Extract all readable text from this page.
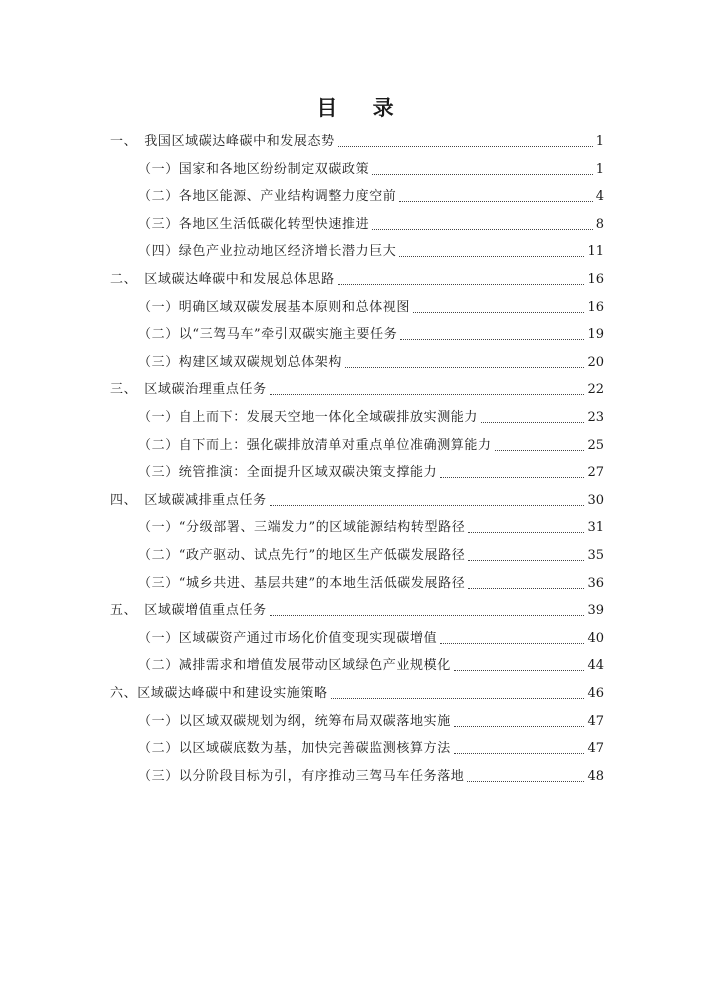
目 录
一、　我国区域碳达峰碳中和发展态势	1
（一）国家和各地区纷纷制定双碳政策	1
（二）各地区能源、产业结构调整力度空前	4
（三）各地区生活低碳化转型快速推进	8
（四）绿色产业拉动地区经济增长潜力巨大	11
二、　区域碳达峰碳中和发展总体思路	16
（一）明确区域双碳发展基本原则和总体视图	16
（二）以“三驾马车”牵引双碳实施主要任务	19
（三）构建区域双碳规划总体架构	20
三、　区域碳治理重点任务	22
（一）自上而下：发展天空地一体化全域碳排放实测能力	23
（二）自下而上：强化碳排放清单对重点单位准确测算能力	25
（三）统管推演：全面提升区域双碳决策支撑能力	27
四、　区域碳减排重点任务	30
（一）“分级部署、三端发力”的区域能源结构转型路径	31
（二）“政产驱动、试点先行”的地区生产低碳发展路径	35
（三）“城乡共进、基层共建”的本地生活低碳发展路径	36
五、　区域碳增值重点任务	39
（一）区域碳资产通过市场化价值变现实现碳增值	40
（二）减排需求和增值发展带动区域绿色产业规模化	44
六、区域碳达峰碳中和建设实施策略	46
（一）以区域双碳规划为纲，统筹布局双碳落地实施	47
（二）以区域碳底数为基，加快完善碳监测核算方法	47
（三）以分阶段目标为引，有序推动三驾马车任务落地	48
